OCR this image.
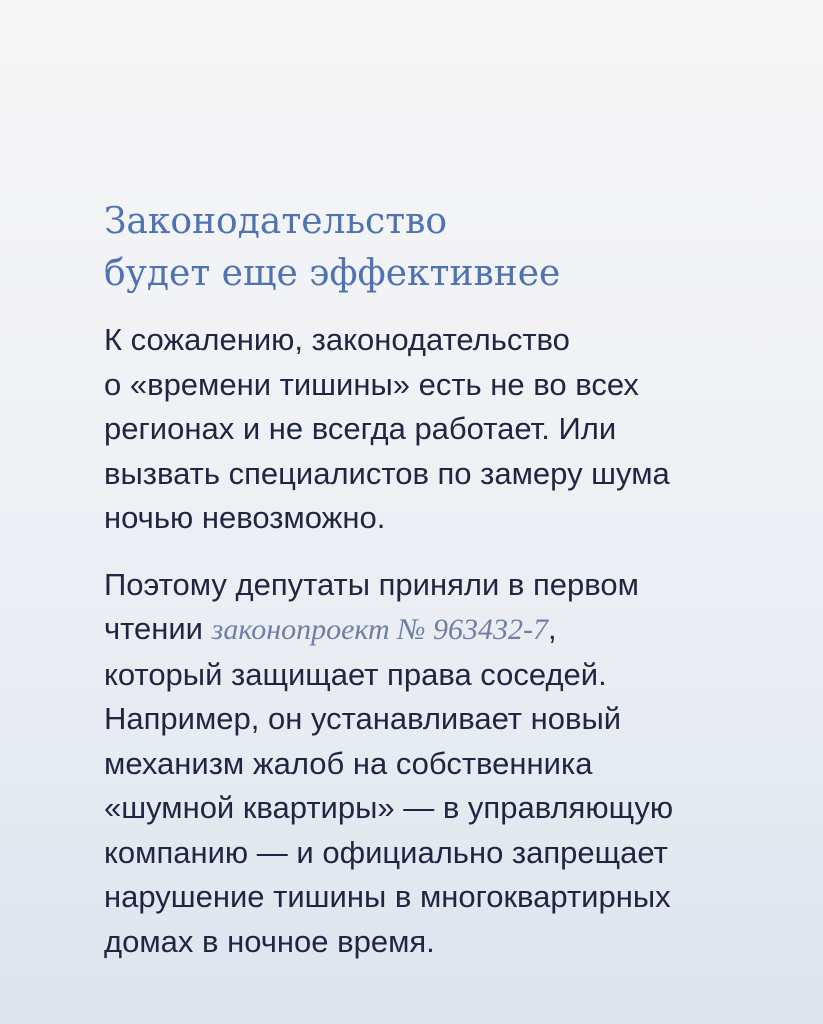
Законодательство
будет еще эффективнее

К сожалению, законодательство
о «времени тишины» есть не во всех
регионах и не всегда работает. Или
вызвать специалистов по замеру шума
ночью невозможно.

Поэтому депутаты приняли в первом
чтении законопроект № 963432-7,
который защищает права соседей.
Например, он устанавливает новый
механизм жалоб на собственника
«шумной квартиры» — в управляющую
компанию — и официально запрещает
нарушение тишины в многоквартирных
домах в ночное время.
